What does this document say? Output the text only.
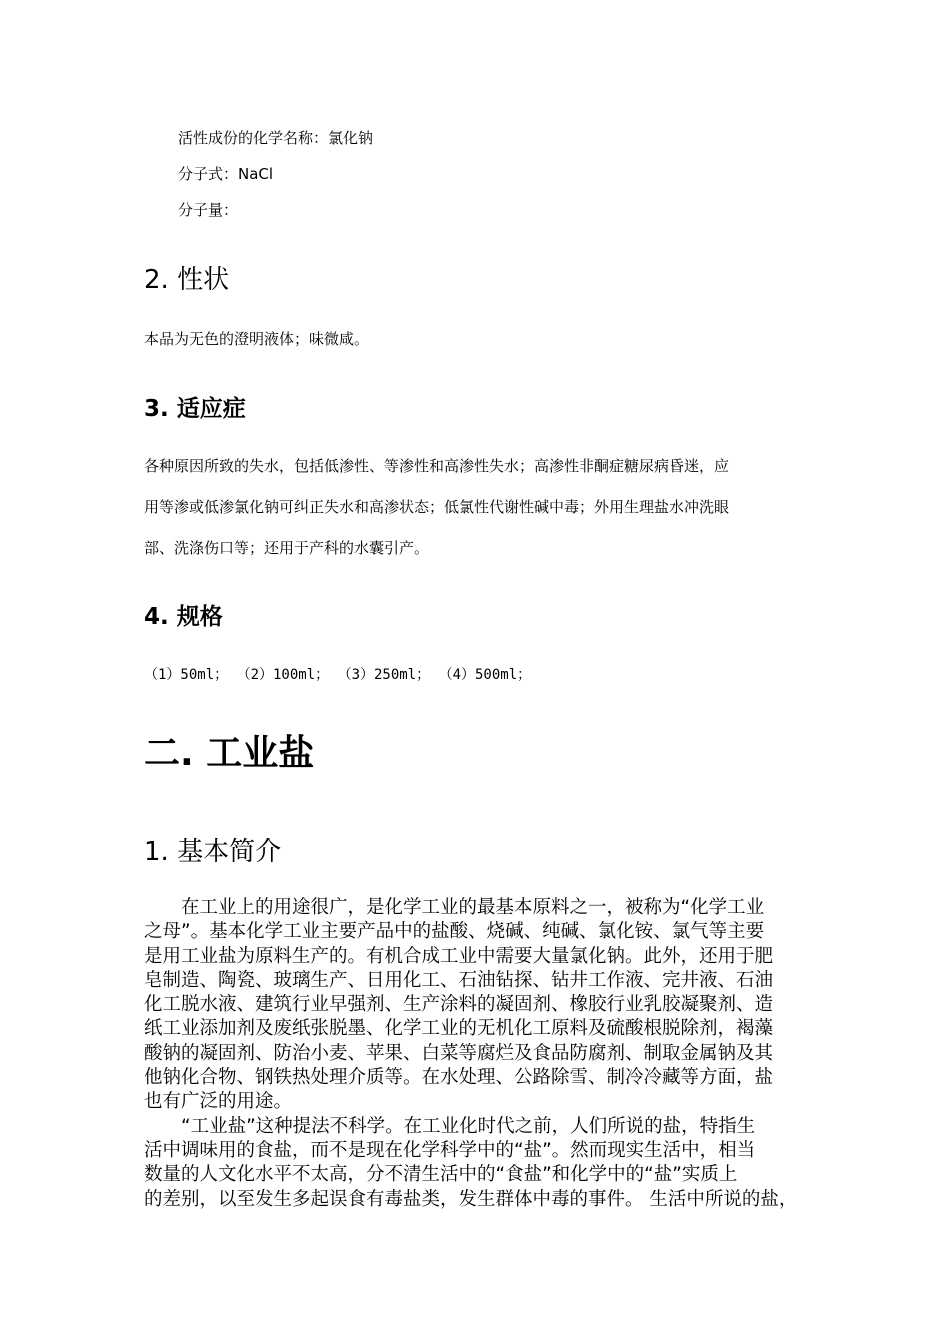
活性成份的化学名称：氯化钠
分子式：NaCl
分子量：
2. 性状
本品为无色的澄明液体；味微咸。
3. 适应症
各种原因所致的失水，包括低渗性、等渗性和高渗性失水；高渗性非酮症糖尿病昏迷，应
用等渗或低渗氯化钠可纠正失水和高渗状态；低氯性代谢性碱中毒；外用生理盐水冲洗眼
部、洗涤伤口等；还用于产科的水囊引产。
4. 规格
（1）50ml； （2）100ml； （3）250ml； （4）500ml；
二. 工业盐
1. 基本简介

　　在工业上的用途很广，是化学工业的最基本原料之一，被称为“化学工业

之母”。基本化学工业主要产品中的盐酸、烧碱、纯碱、氯化铵、氯气等主要

是用工业盐为原料生产的。有机合成工业中需要大量氯化钠。此外，还用于肥

皂制造、陶瓷、玻璃生产、日用化工、石油钻探、钻井工作液、完井液、石油

化工脱水液、建筑行业早强剂、生产涂料的凝固剂、橡胶行业乳胶凝聚剂、造

纸工业添加剂及废纸张脱墨、化学工业的无机化工原料及硫酸根脱除剂，褐藻

酸钠的凝固剂、防治小麦、苹果、白菜等腐烂及食品防腐剂、制取金属钠及其

他钠化合物、钢铁热处理介质等。在水处理、公路除雪、制冷冷藏等方面，盐

也有广泛的用途。

　　“工业盐”这种提法不科学。在工业化时代之前，人们所说的盐，特指生

活中调味用的食盐，而不是现在化学科学中的“盐”。然而现实生活中，相当

数量的人文化水平不太高，分不清生活中的“食盐”和化学中的“盐”实质上

的差别，以至发生多起误食有毒盐类，发生群体中毒的事件。 生活中所说的盐，
